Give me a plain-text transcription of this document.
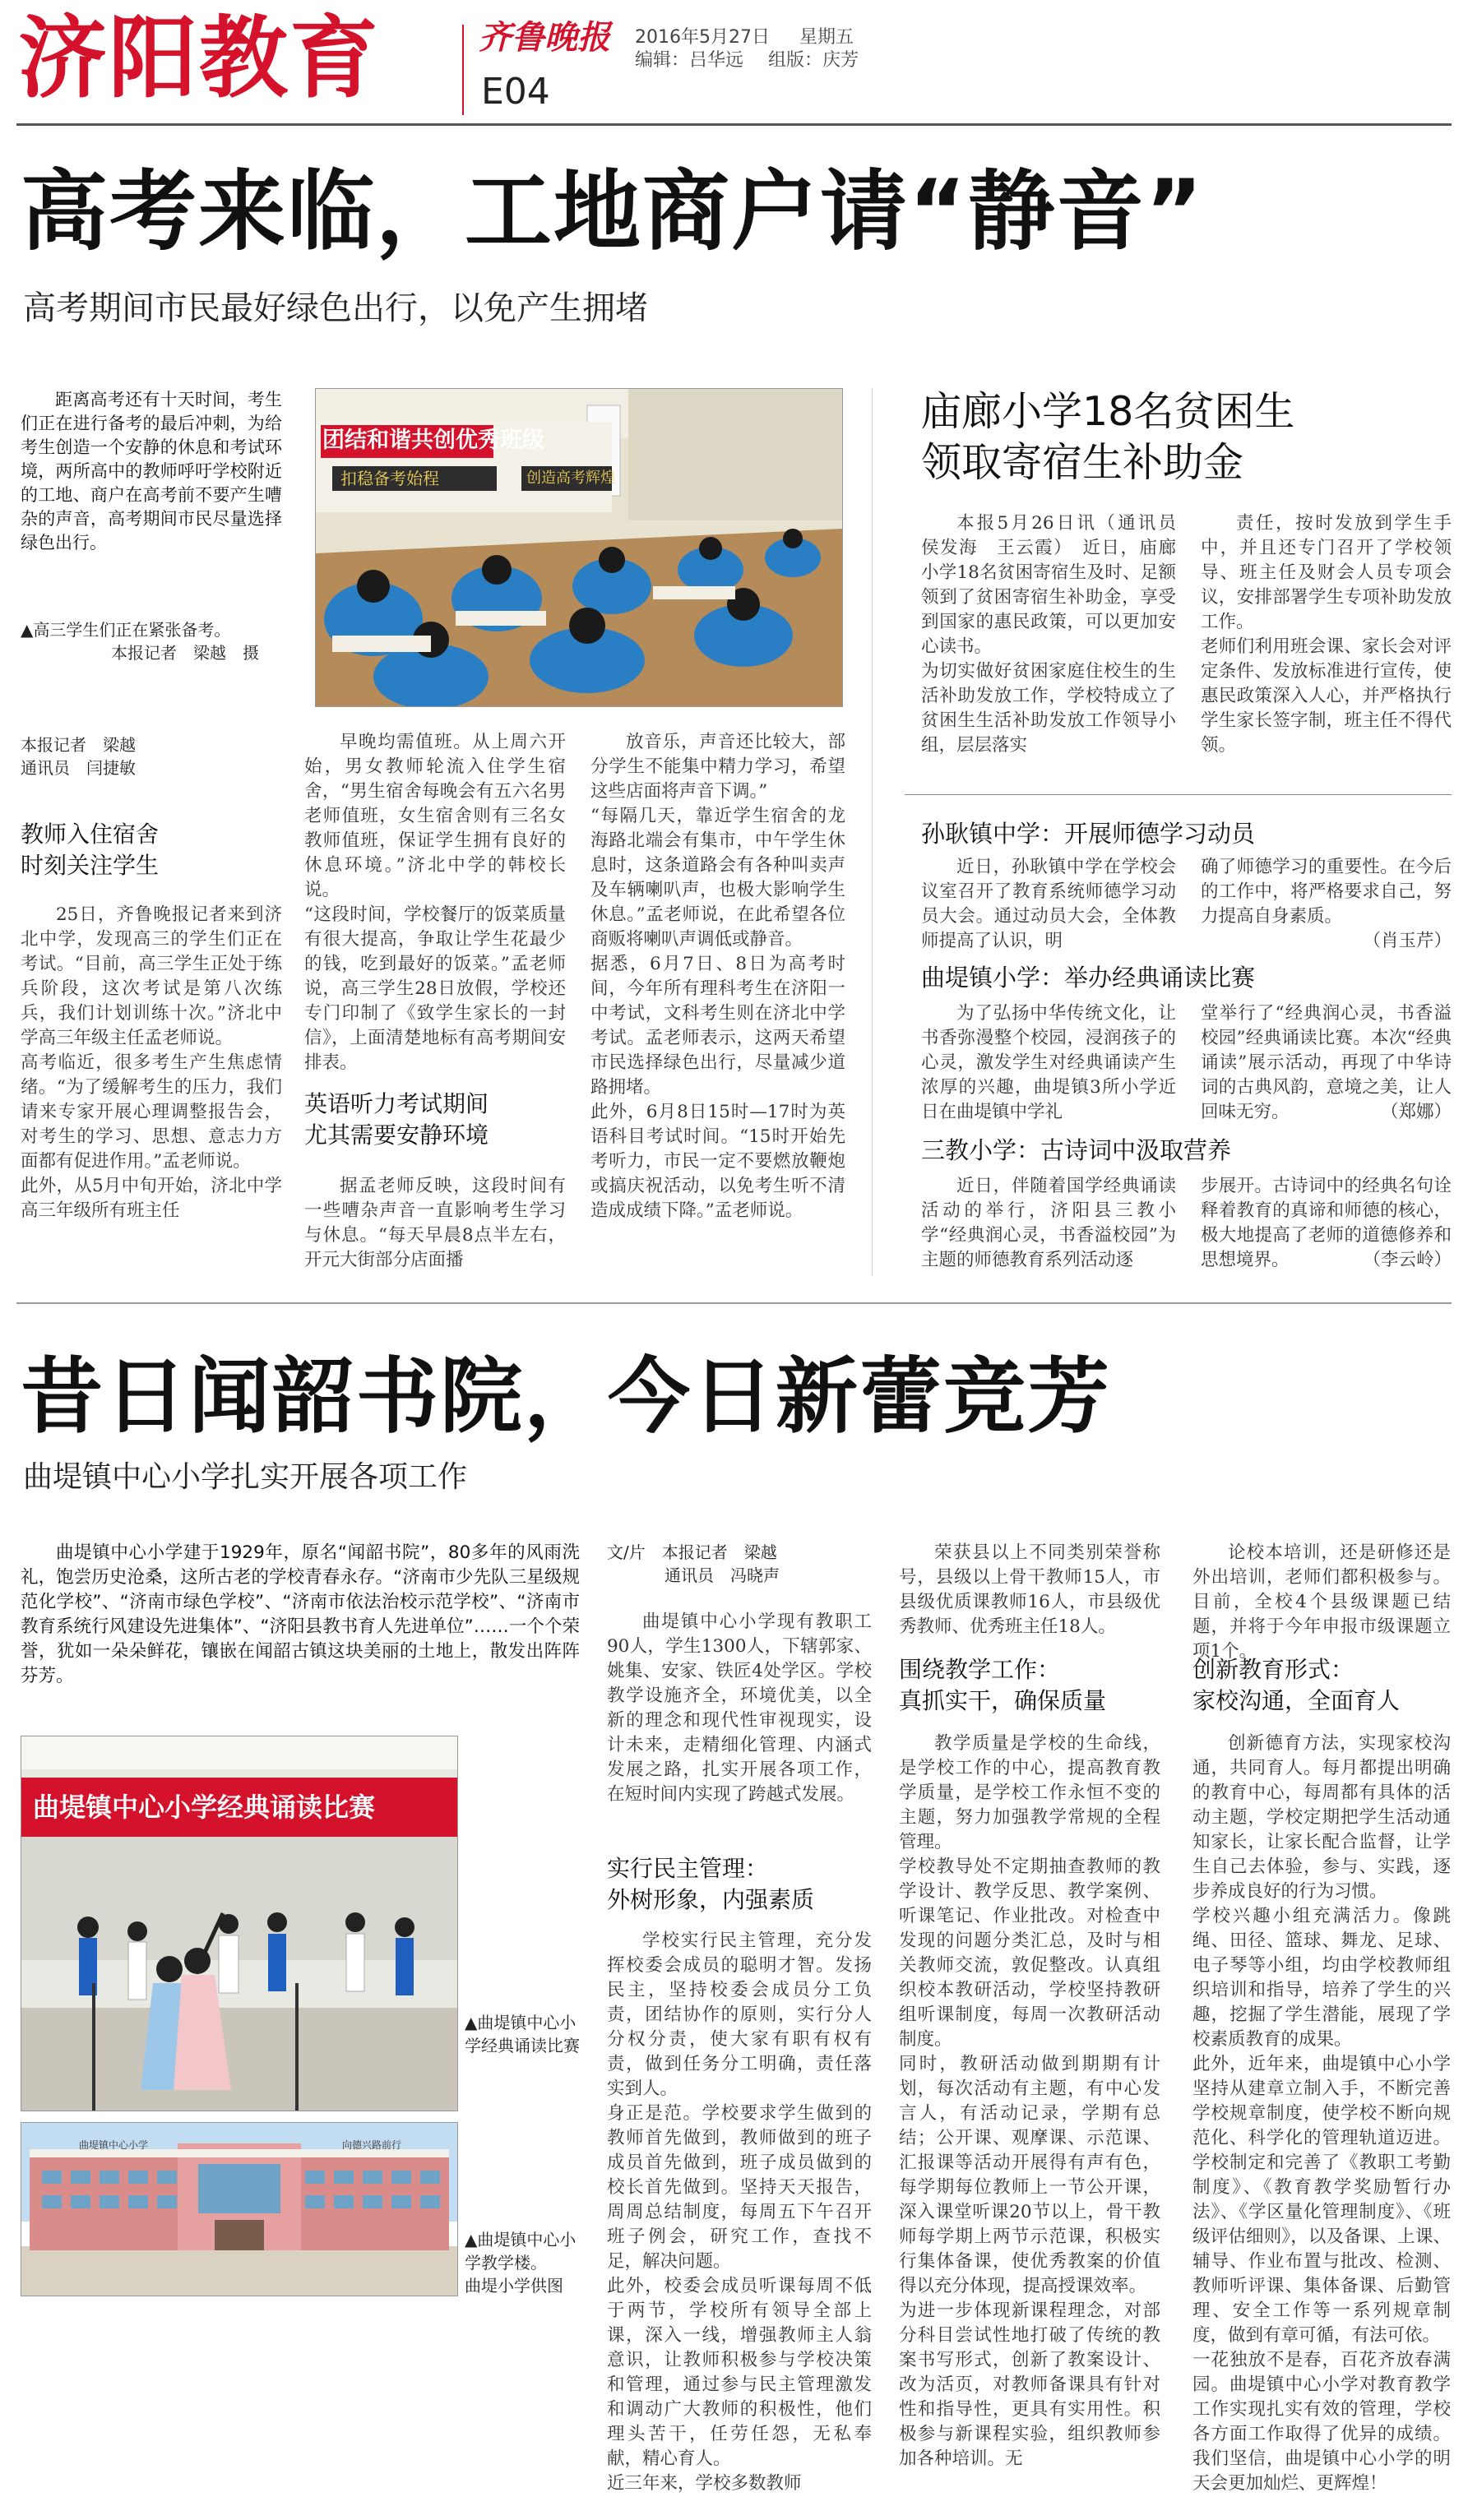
济阳教育	齐鲁晚报 2016年5月27日 星期五
编辑：吕华远 组版：庆芳
E04
高考来临，工地商户请“静音”
高考期间市民最好绿色出行，以免产生拥堵
距离高考还有十天时间，考生们正在进行备考的最后冲刺，为给考生创造一个安静的休息和考试环境，两所高中的教师呼吁学校附近的工地、商户在高考前不要产生嘈杂的声音，高考期间市民尽量选择绿色出行。
▲高三学生们正在紧张备考。
本报记者　梁越　摄
团结和谐共创优秀班级
扣稳备考始程	创造高考辉煌
本报记者　梁越
通讯员　闫捷敏
教师入住宿舍
时刻关注学生
25日，齐鲁晚报记者来到济北中学，发现高三的学生们正在考试。“目前，高三学生正处于练兵阶段，这次考试是第八次练兵，我们计划训练十次。”济北中学高三年级主任孟老师说。
高考临近，很多考生产生焦虑情绪。“为了缓解考生的压力，我们请来专家开展心理调整报告会，对考生的学习、思想、意志力方面都有促进作用。”孟老师说。
此外，从5月中旬开始，济北中学高三年级所有班主任
早晚均需值班。从上周六开始，男女教师轮流入住学生宿舍，“男生宿舍每晚会有五六名男老师值班，女生宿舍则有三名女教师值班，保证学生拥有良好的休息环境。”济北中学的韩校长说。
“这段时间，学校餐厅的饭菜质量有很大提高，争取让学生花最少的钱，吃到最好的饭菜。”孟老师说，高三学生28日放假，学校还专门印制了《致学生家长的一封信》，上面清楚地标有高考期间安排表。
英语听力考试期间
尤其需要安静环境
据孟老师反映，这段时间有一些嘈杂声音一直影响考生学习与休息。“每天早晨8点半左右，开元大街部分店面播
放音乐，声音还比较大，部分学生不能集中精力学习，希望这些店面将声音下调。”
“每隔几天，靠近学生宿舍的龙海路北端会有集市，中午学生休息时，这条道路会有各种叫卖声及车辆喇叭声，也极大影响学生休息。”孟老师说，在此希望各位商贩将喇叭声调低或静音。
据悉，6月7日、8日为高考时间，今年所有理科考生在济阳一中考试，文科考生则在济北中学考试。孟老师表示，这两天希望市民选择绿色出行，尽量减少道路拥堵。
此外，6月8日15时—17时为英语科目考试时间。“15时开始先考听力，市民一定不要燃放鞭炮或搞庆祝活动，以免考生听不清造成成绩下降。”孟老师说。
庙廊小学18名贫困生
领取寄宿生补助金
本报5月26日讯（通讯员　侯发海　王云霞）　近日，庙廊小学18名贫困寄宿生及时、足额领到了贫困寄宿生补助金，享受到国家的惠民政策，可以更加安心读书。
为切实做好贫困家庭住校生的生活补助发放工作，学校特成立了贫困生生活补助发放工作领导小组，层层落实
责任，按时发放到学生手中，并且还专门召开了学校领导、班主任及财会人员专项会议，安排部署学生专项补助发放工作。
老师们利用班会课、家长会对评定条件、发放标准进行宣传，使惠民政策深入人心，并严格执行学生家长签字制，班主任不得代领。
孙耿镇中学：开展师德学习动员
近日，孙耿镇中学在学校会议室召开了教育系统师德学习动员大会。通过动员大会，全体教师提高了认识，明
确了师德学习的重要性。在今后的工作中，将严格要求自己，努力提高自身素质。
（肖玉芹）
曲堤镇小学：举办经典诵读比赛
为了弘扬中华传统文化，让书香弥漫整个校园，浸润孩子的心灵，激发学生对经典诵读产生浓厚的兴趣，曲堤镇3所小学近日在曲堤镇中学礼
堂举行了“经典润心灵，书香溢校园”经典诵读比赛。本次“经典诵读”展示活动，再现了中华诗词的古典风韵，意境之美，让人回味无穷。	（郑娜）
三教小学：古诗词中汲取营养
近日，伴随着国学经典诵读活动的举行，济阳县三教小学“经典润心灵，书香溢校园”为主题的师德教育系列活动逐
步展开。古诗词中的经典名句诠释着教育的真谛和师德的核心，极大地提高了老师的道德修养和思想境界。	（李云岭）
昔日闻韶书院，今日新蕾竞芳
曲堤镇中心小学扎实开展各项工作
曲堤镇中心小学建于1929年，原名“闻韶书院”，80多年的风雨洗礼，饱尝历史沧桑，这所古老的学校青春永存。“济南市少先队三星级规范化学校”、“济南市绿色学校”、“济南市依法治校示范学校”、“济南市教育系统行风建设先进集体”、“济阳县教书育人先进单位”……一个个荣誉，犹如一朵朵鲜花，镶嵌在闻韶古镇这块美丽的土地上，散发出阵阵芬芳。
曲堤镇中心小学经典诵读比赛
▲曲堤镇中心小学经典诵读比赛
曲堤镇中心小学	向德兴路前行
▲曲堤镇中心小学教学楼。
曲堤小学供图
文/片　本报记者　梁越
通讯员　冯晓声
曲堤镇中心小学现有教职工90人，学生1300人，下辖郭家、姚集、安家、铁匠4处学区。学校教学设施齐全，环境优美，以全新的理念和现代性审视现实，设计未来，走精细化管理、内涵式发展之路，扎实开展各项工作，在短时间内实现了跨越式发展。
实行民主管理：
外树形象，内强素质
学校实行民主管理，充分发挥校委会成员的聪明才智。发扬民主，坚持校委会成员分工负责，团结协作的原则，实行分人分权分责，使大家有职有权有责，做到任务分工明确，责任落实到人。
身正是范。学校要求学生做到的教师首先做到，教师做到的班子成员首先做到，班子成员做到的校长首先做到。坚持天天报告，周周总结制度，每周五下午召开班子例会，研究工作，查找不足，解决问题。
此外，校委会成员听课每周不低于两节，学校所有领导全部上课，深入一线，增强教师主人翁意识，让教师积极参与学校决策和管理，通过参与民主管理激发和调动广大教师的积极性，他们理头苦干，任劳任怨，无私奉献，精心育人。
近三年来，学校多数教师
荣获县以上不同类别荣誉称号，县级以上骨干教师15人，市县级优质课教师16人，市县级优秀教师、优秀班主任18人。
围绕教学工作：
真抓实干，确保质量
教学质量是学校的生命线，是学校工作的中心，提高教育教学质量，是学校工作永恒不变的主题，努力加强教学常规的全程管理。
学校教导处不定期抽查教师的教学设计、教学反思、教学案例、听课笔记、作业批改。对检查中发现的问题分类汇总，及时与相关教师交流，敦促整改。认真组织校本教研活动，学校坚持教研组听课制度，每周一次教研活动制度。
同时，教研活动做到期期有计划，每次活动有主题，有中心发言人，有活动记录，学期有总结；公开课、观摩课、示范课、汇报课等活动开展得有声有色，每学期每位教师上一节公开课，深入课堂听课20节以上，骨干教师每学期上两节示范课，积极实行集体备课，使优秀教案的价值得以充分体现，提高授课效率。
为进一步体现新课程理念，对部分科目尝试性地打破了传统的教案书写形式，创新了教案设计、改为活页，对教师备课具有针对性和指导性，更具有实用性。积极参与新课程实验，组织教师参加各种培训。无
论校本培训，还是研修还是外出培训，老师们都积极参与。目前，全校4个县级课题已结题，并将于今年申报市级课题立项1个。
创新教育形式：
家校沟通，全面育人
创新德育方法，实现家校沟通，共同育人。每月都提出明确的教育中心，每周都有具体的活动主题，学校定期把学生活动通知家长，让家长配合监督，让学生自己去体验，参与、实践，逐步养成良好的行为习惯。
学校兴趣小组充满活力。像跳绳、田径、篮球、舞龙、足球、电子琴等小组，均由学校教师组织培训和指导，培养了学生的兴趣，挖掘了学生潜能，展现了学校素质教育的成果。
此外，近年来，曲堤镇中心小学坚持从建章立制入手，不断完善学校规章制度，使学校不断向规范化、科学化的管理轨道迈进。学校制定和完善了《教职工考勤制度》、《教育教学奖励暂行办法》、《学区量化管理制度》、《班级评估细则》，以及备课、上课、辅导、作业布置与批改、检测、教师听评课、集体备课、后勤管理、安全工作等一系列规章制度，做到有章可循，有法可依。
一花独放不是春，百花齐放春满园。曲堤镇中心小学对教育教学工作实现扎实有效的管理，学校各方面工作取得了优异的成绩。我们坚信，曲堤镇中心小学的明天会更加灿烂、更辉煌！
